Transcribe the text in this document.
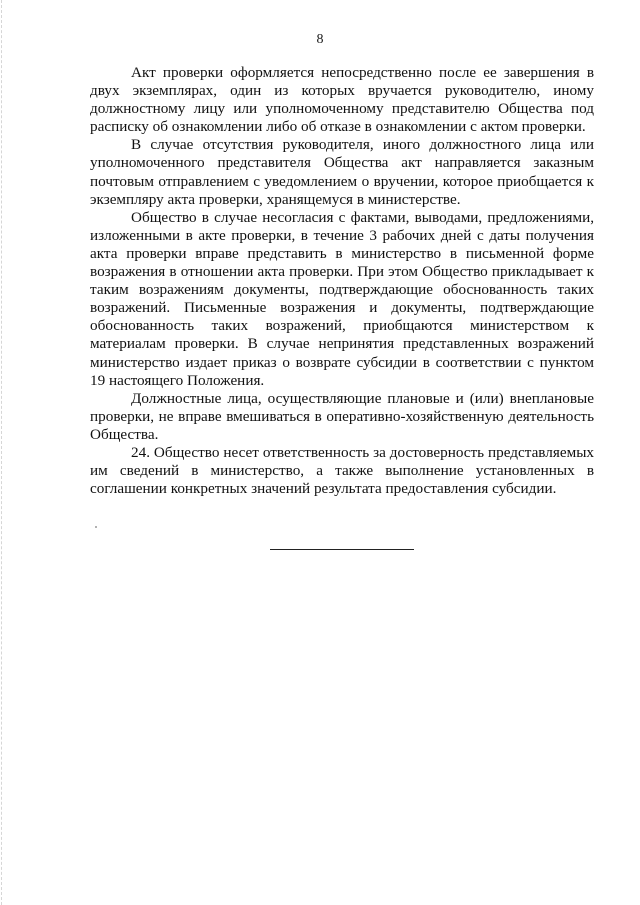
8

Акт проверки оформляется непосредственно после ее завершения в двух экземплярах, один из которых вручается руководителю, иному должностному лицу или уполномоченному представителю Общества под расписку об ознакомлении либо об отказе в ознакомлении с актом проверки.

В случае отсутствия руководителя, иного должностного лица или уполномоченного представителя Общества акт направляется заказным почтовым отправлением с уведомлением о вручении, которое приобщается к экземпляру акта проверки, хранящемуся в министерстве.

Общество в случае несогласия с фактами, выводами, предложениями, изложенными в акте проверки, в течение 3 рабочих дней с даты получения акта проверки вправе представить в министерство в письменной форме возражения в отношении акта проверки. При этом Общество прикладывает к таким возражениям документы, подтверждающие обоснованность таких возражений. Письменные возражения и документы, подтверждающие обоснованность таких возражений, приобщаются министерством к материалам проверки. В случае непринятия представленных возражений министерство издает приказ о возврате субсидии в соответствии с пунктом 19 настоящего Положения.

Должностные лица, осуществляющие плановые и (или) внеплановые проверки, не вправе вмешиваться в оперативно-хозяйственную деятельность Общества.

24. Общество несет ответственность за достоверность представляемых им сведений в министерство, а также выполнение установленных в соглашении конкретных значений результата предоставления субсидии.
